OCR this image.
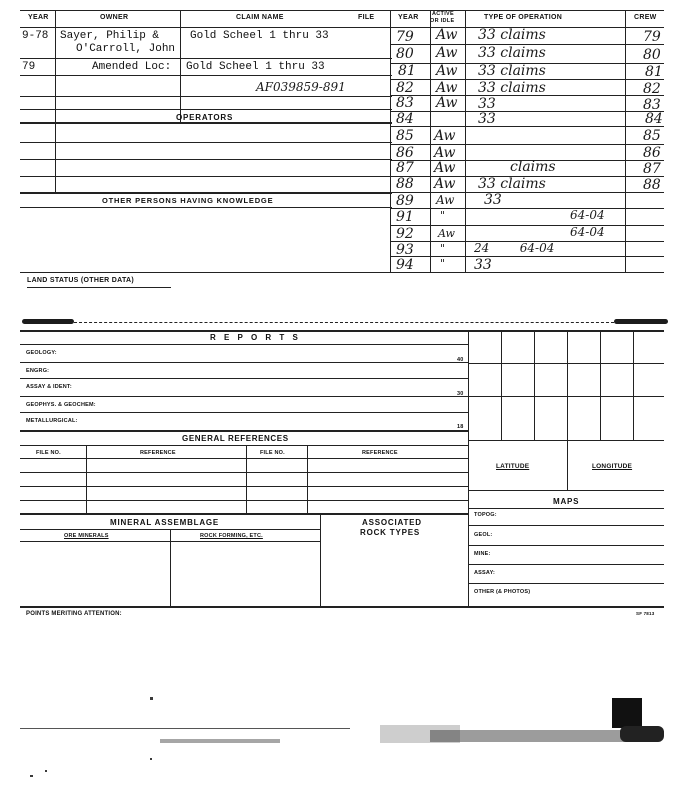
YEAR	OWNER	CLAIM NAME	FILE	YEAR ACTIVE
OR IDLE	TYPE OF OPERATION	CREW
9-78 Sayer, Philip &	Gold Scheel 1 thru 33
O'Carroll, John
79	Amended Loc: Gold Scheel 1 thru 33
AF039859-891
OPERATORS
OTHER PERSONS HAVING KNOWLEDGE
79 Aw 33 claims	79
80 Aw 33 claims	80
81 Aw 33 claims	81
82 Aw 33 claims	82
83 Aw 33	83
84	33	84
85 Aw	85
86 Aw	86
87 Aw	claims	87
88 Aw 33 claims	88
89 Aw 33
91 "	64-04
92 Aw	64-04
93 " 24        64-04
94 " 33
LAND STATUS (OTHER DATA)
R E P O R T S
GEOLOGY:
40
ENGRG:
ASSAY & IDENT:
30
GEOPHYS. & GEOCHEM:
METALLURGICAL:
18
GENERAL REFERENCES
FILE NO.	REFERENCE	FILE NO.	REFERENCE
LATITUDE	LONGITUDE
MAPS
TOPOG:
GEOL:
MINE:
ASSAY:
OTHER (& PHOTOS)
MINERAL ASSEMBLAGE	ASSOCIATED
ROCK TYPES
ORE MINERALS	ROCK FORMING, ETC.
POINTS MERITING ATTENTION:	SF 7813
